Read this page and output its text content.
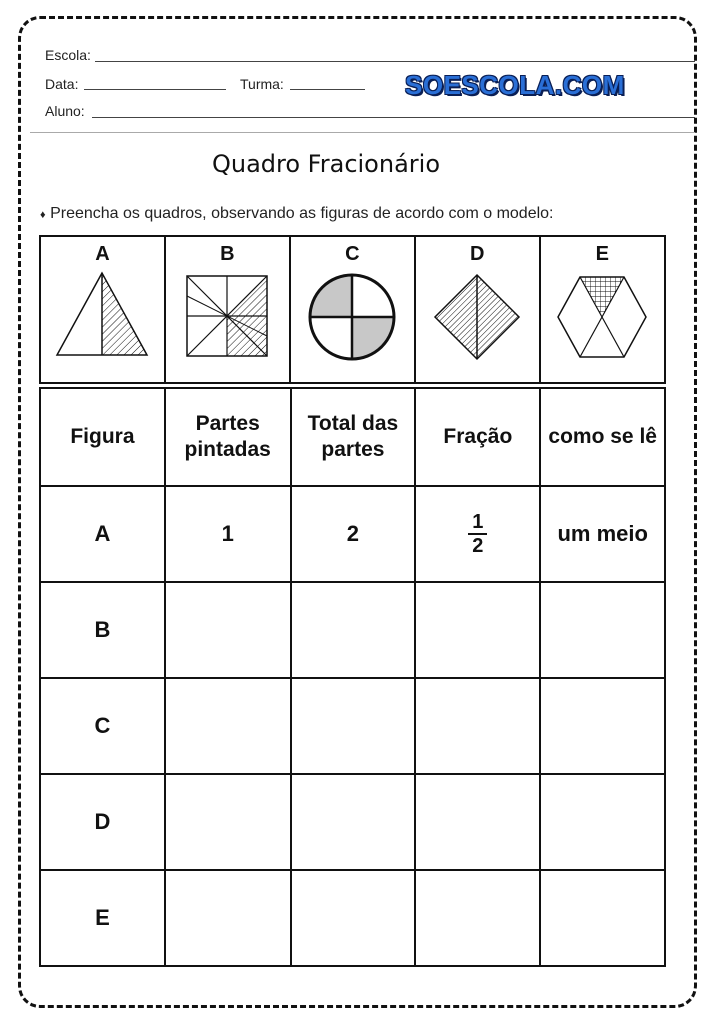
Escola:
Data:	Turma:
Aluno:
SOESCOLA.COM
Quadro Fracionário
♦ Preencha os quadros, observando as figuras de acordo com o modelo:
A	B	C	D	E
Figura	Partes pintadas	Total das partes	Fração	como se lê
A	1	2	$\frac{1}{2}$	um meio
B				
C				
D				
E				
